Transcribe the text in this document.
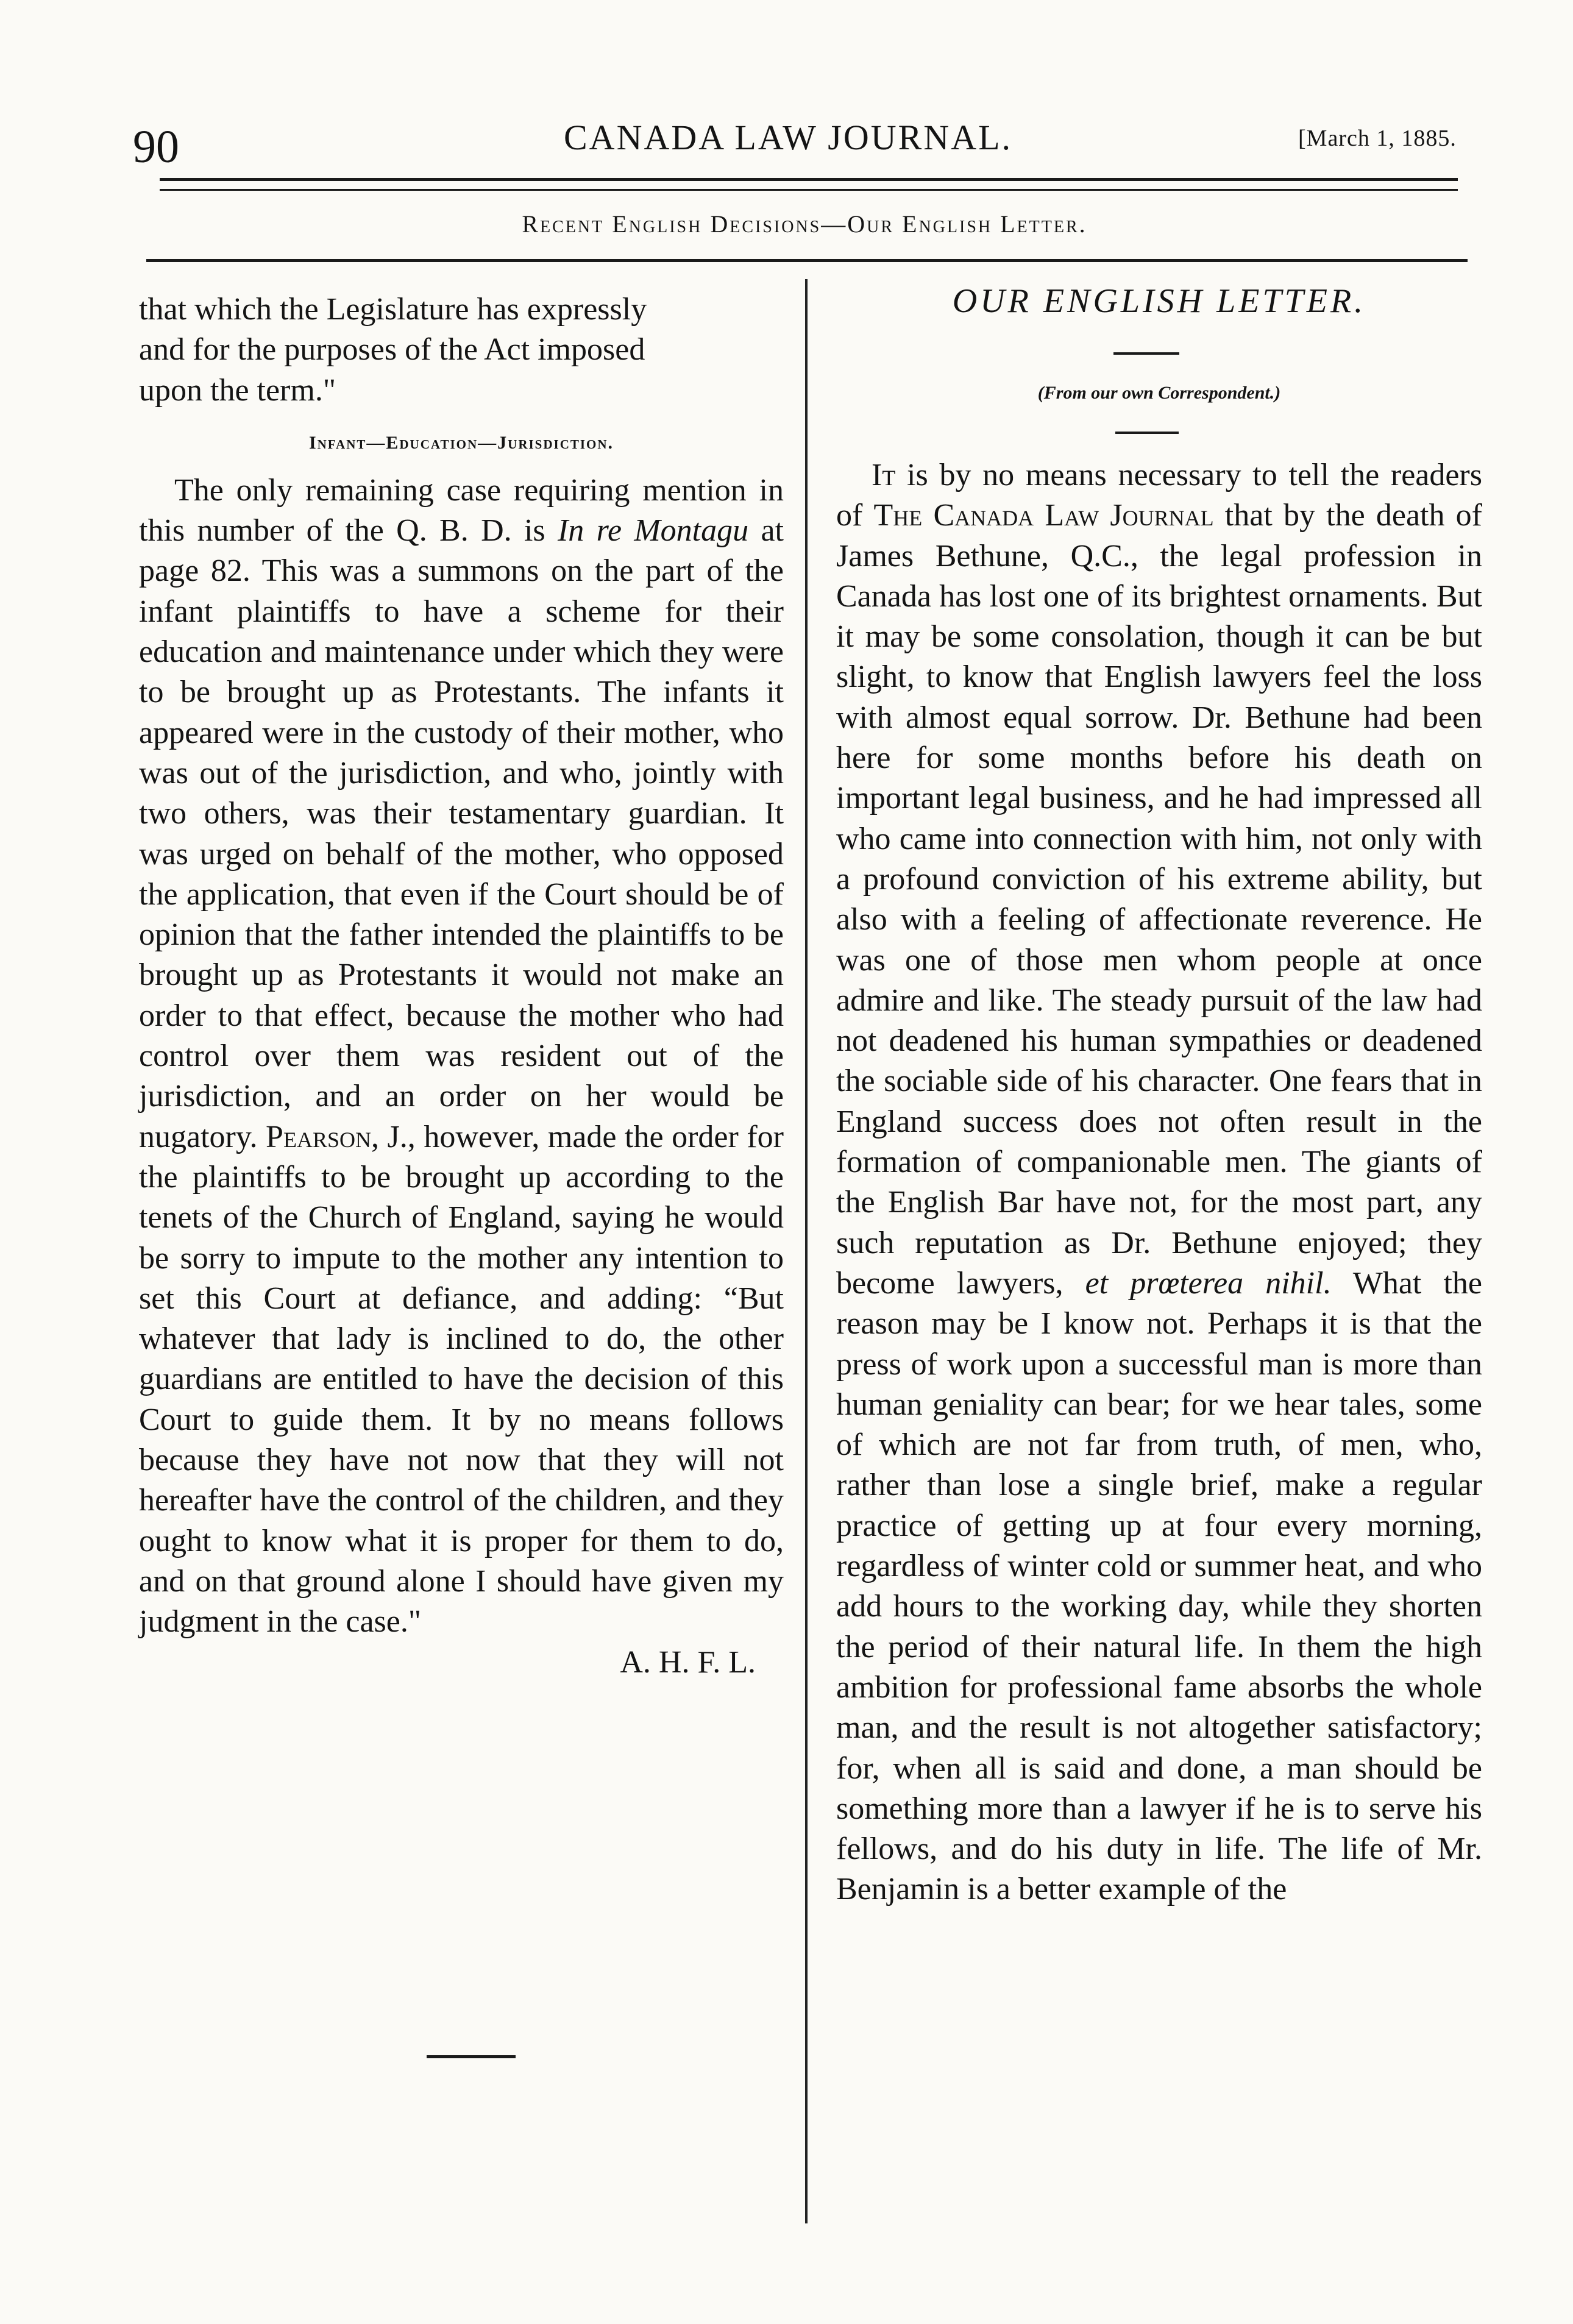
90	CANADA LAW JOURNAL.	[March 1, 1885.
Recent English Decisions—Our English Letter.

that which the Legislature has expressly
and for the purposes of the Act imposed
upon the term."

Infant—Education—Jurisdiction.

The only remaining case requiring mention in this number of the Q. B. D. is In re Montagu at page 82. This was a summons on the part of the infant plaintiffs to have a scheme for their education and maintenance under which they were to be brought up as Protestants. The infants it appeared were in the custody of their mother, who was out of the jurisdiction, and who, jointly with two others, was their testamentary guardian. It was urged on behalf of the mother, who opposed the application, that even if the Court should be of opinion that the father intended the plaintiffs to be brought up as Protestants it would not make an order to that effect, because the mother who had control over them was resident out of the jurisdiction, and an order on her would be nugatory. Pearson, J., however, made the order for the plaintiffs to be brought up according to the tenets of the Church of England, saying he would be sorry to impute to the mother any intention to set this Court at defiance, and adding: “But whatever that lady is inclined to do, the other guardians are entitled to have the decision of this Court to guide them. It by no means follows because they have not now that they will not hereafter have the control of the children, and they ought to know what it is proper for them to do, and on that ground alone I should have given my judgment in the case."

A. H. F. L.

OUR ENGLISH LETTER.
(From our own Correspondent.)

It is by no means necessary to tell the readers of The Canada Law Journal that by the death of James Bethune, Q.C., the legal profession in Canada has lost one of its brightest ornaments. But it may be some consolation, though it can be but slight, to know that English lawyers feel the loss with almost equal sorrow. Dr. Bethune had been here for some months before his death on important legal business, and he had impressed all who came into connection with him, not only with a profound conviction of his extreme ability, but also with a feeling of affectionate reverence. He was one of those men whom people at once admire and like. The steady pursuit of the law had not deadened his human sympathies or deadened the sociable side of his character. One fears that in England success does not often result in the formation of companionable men. The giants of the English Bar have not, for the most part, any such reputation as Dr. Bethune enjoyed; they become lawyers, et prœterea nihil. What the reason may be I know not. Perhaps it is that the press of work upon a successful man is more than human geniality can bear; for we hear tales, some of which are not far from truth, of men, who, rather than lose a single brief, make a regular practice of getting up at four every morning, regardless of winter cold or summer heat, and who add hours to the working day, while they shorten the period of their natural life. In them the high ambition for professional fame absorbs the whole man, and the result is not altogether satisfactory; for, when all is said and done, a man should be something more than a lawyer if he is to serve his fellows, and do his duty in life. The life of Mr. Benjamin is a better example of the
